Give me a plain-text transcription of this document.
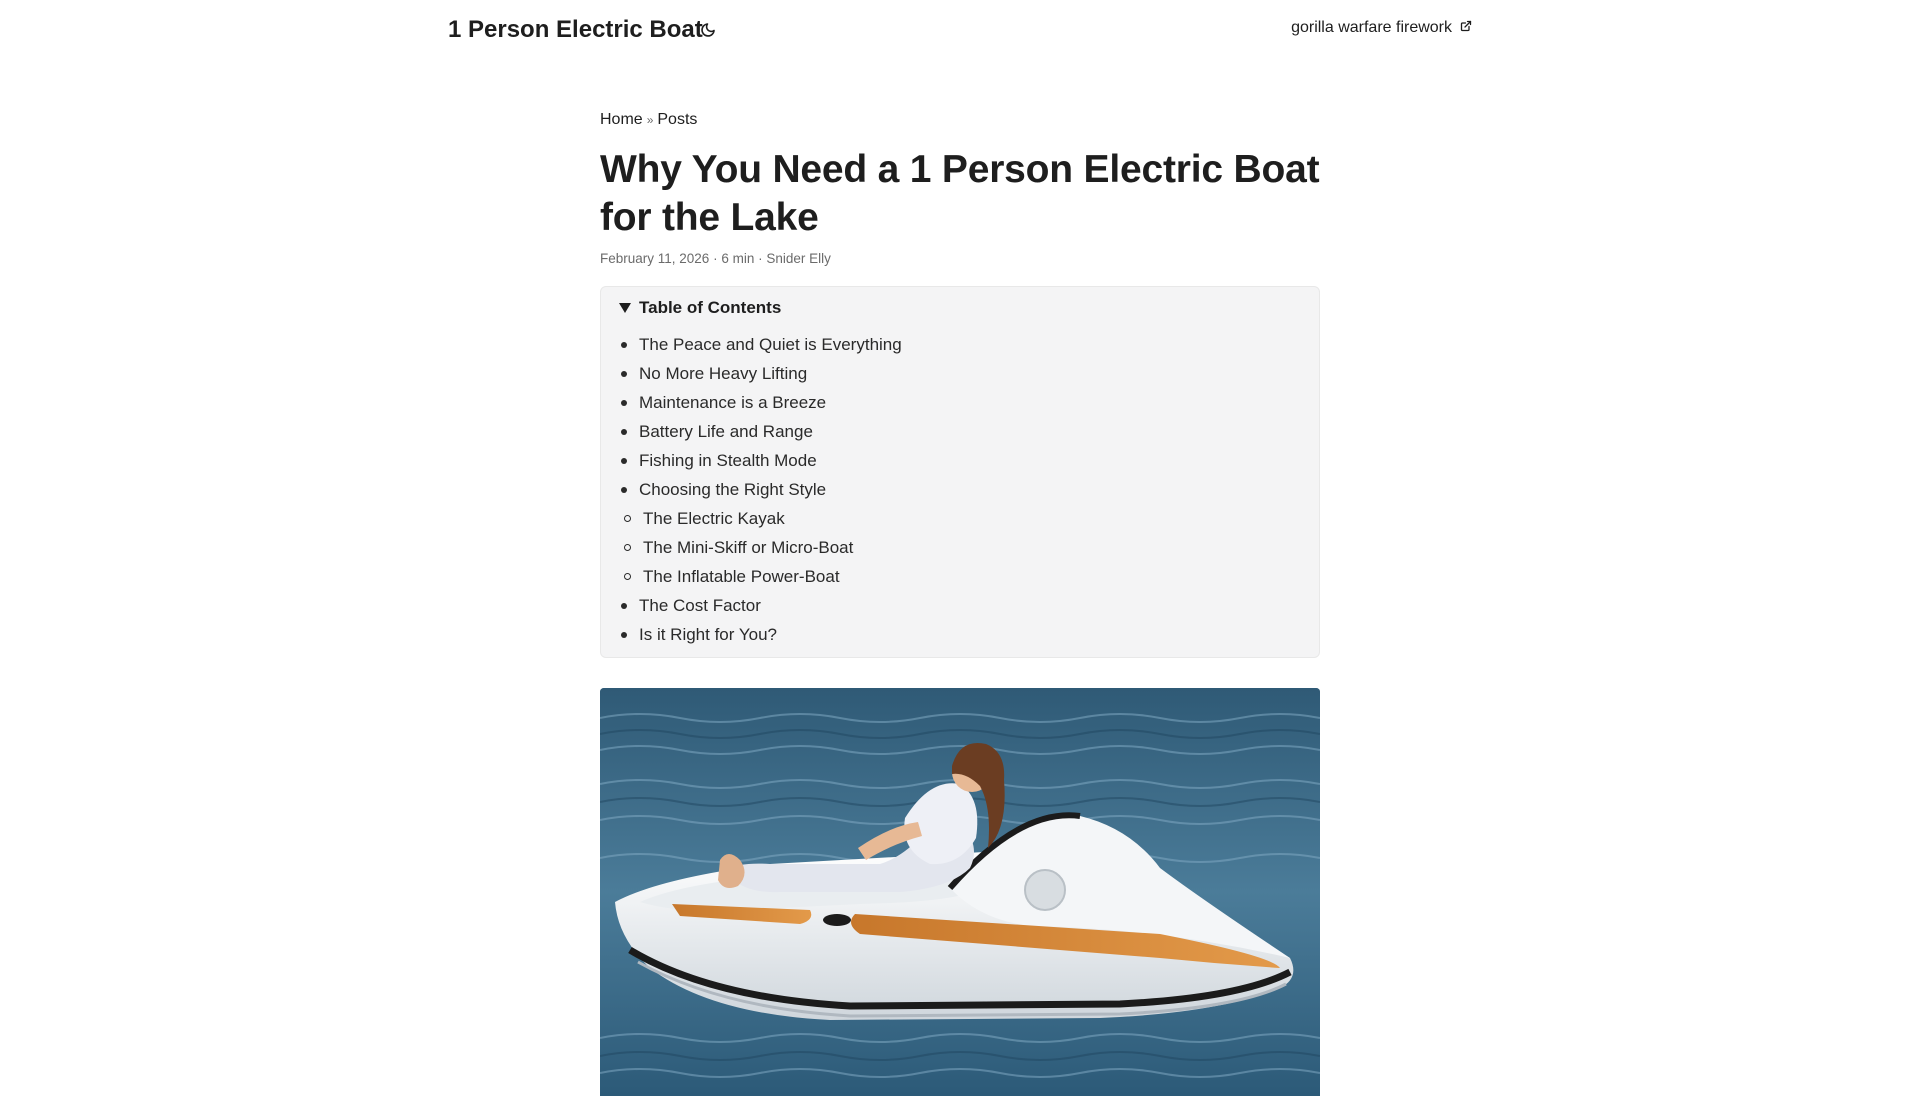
1 Person Electric Boat	gorilla warfare firework
Home » Posts
Why You Need a 1 Person Electric Boat for the Lake
February 11, 2026 · 6 min · Snider Elly
Table of Contents
The Peace and Quiet is Everything
No More Heavy Lifting
Maintenance is a Breeze
Battery Life and Range
Fishing in Stealth Mode
Choosing the Right Style
The Electric Kayak
The Mini-Skiff or Micro-Boat
The Inflatable Power-Boat
The Cost Factor
Is it Right for You?
